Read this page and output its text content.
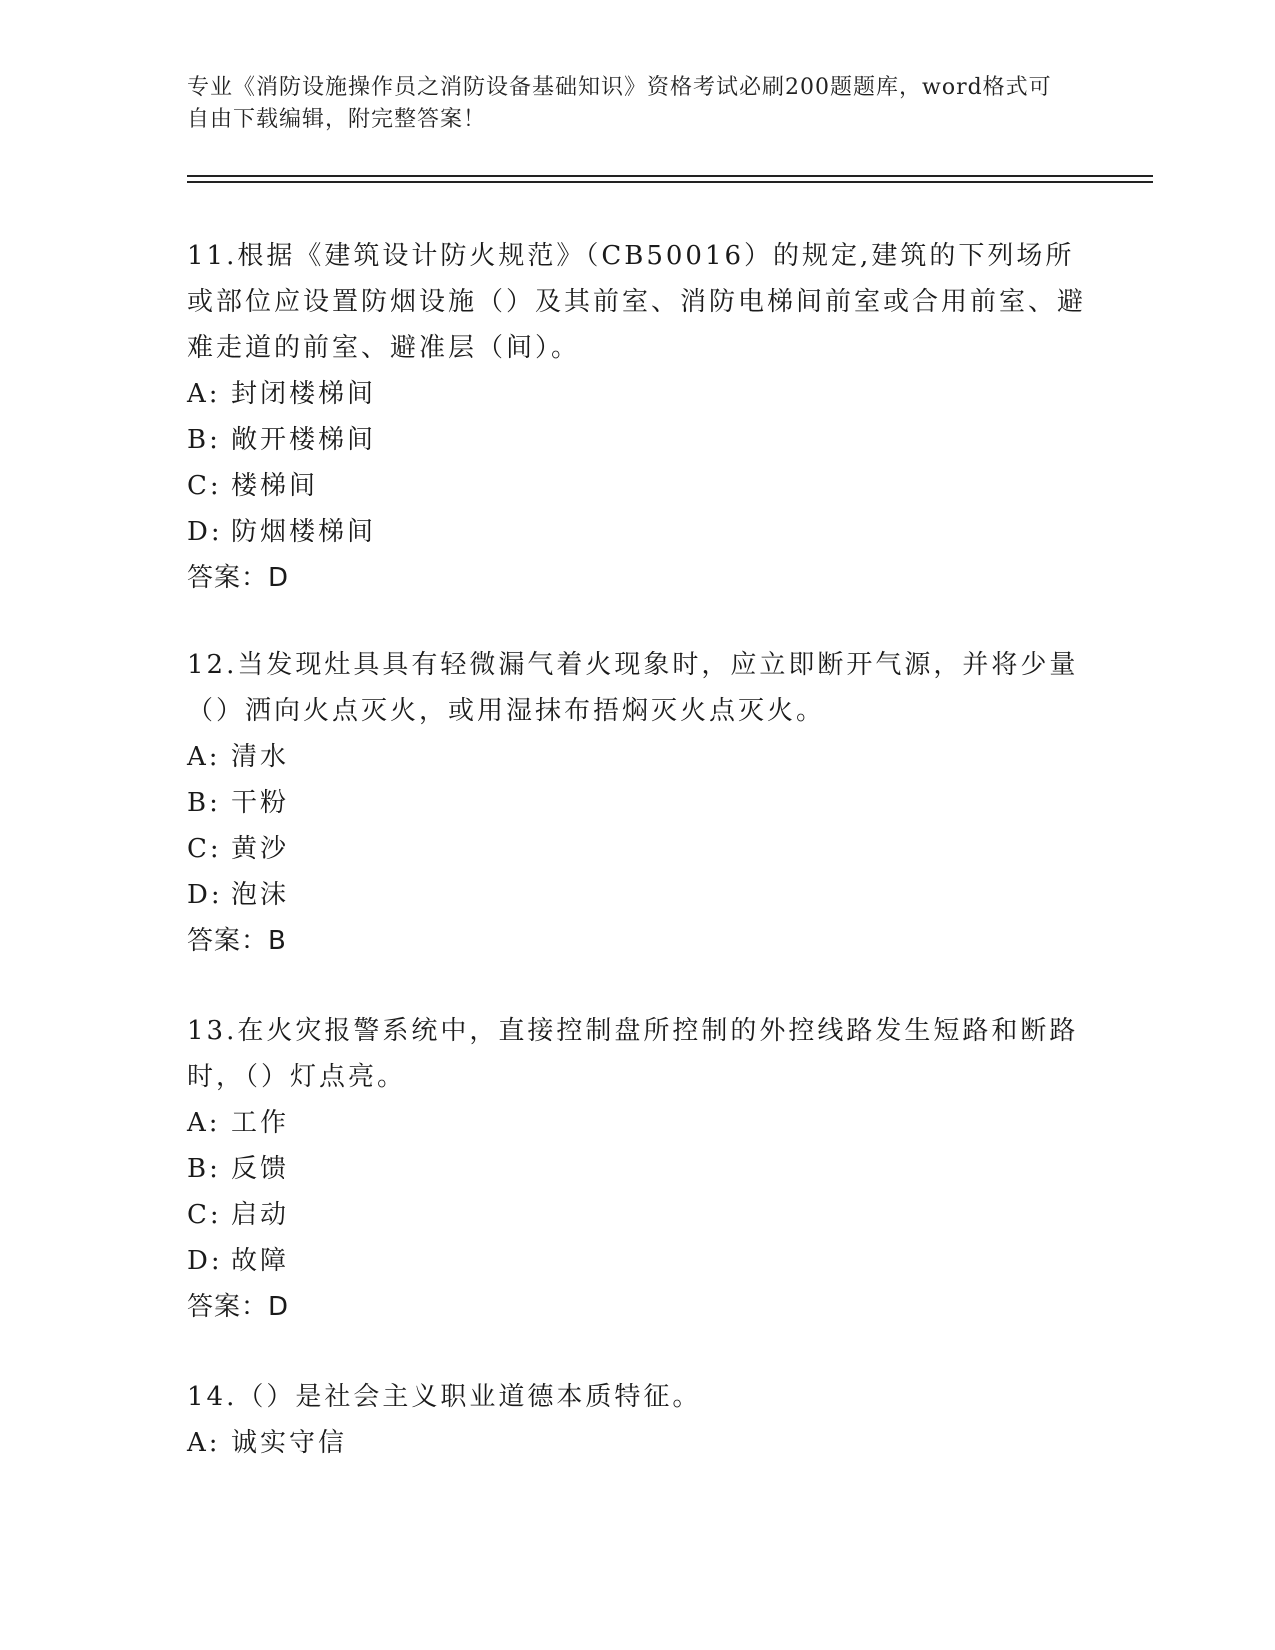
专业《消防设施操作员之消防设备基础知识》资格考试必刷200题题库，word格式可自由下载编辑，附完整答案！

11.根据《建筑设计防火规范》（CB50016）的规定,建筑的下列场所或部位应设置防烟设施（）及其前室、消防电梯间前室或合用前室、避难走道的前室、避准层（间）。

A: 封闭楼梯间
B: 敞开楼梯间
C: 楼梯间
D: 防烟楼梯间
答案：D

12.当发现灶具具有轻微漏气着火现象时，应立即断开气源，并将少量（）洒向火点灭火，或用湿抹布捂焖灭火点灭火。

A: 清水
B: 干粉
C: 黄沙
D: 泡沫
答案：B

13.在火灾报警系统中，直接控制盘所控制的外控线路发生短路和断路时，（）灯点亮。

A: 工作
B: 反馈
C: 启动
D: 故障
答案：D

14.（）是社会主义职业道德本质特征。

A: 诚实守信
